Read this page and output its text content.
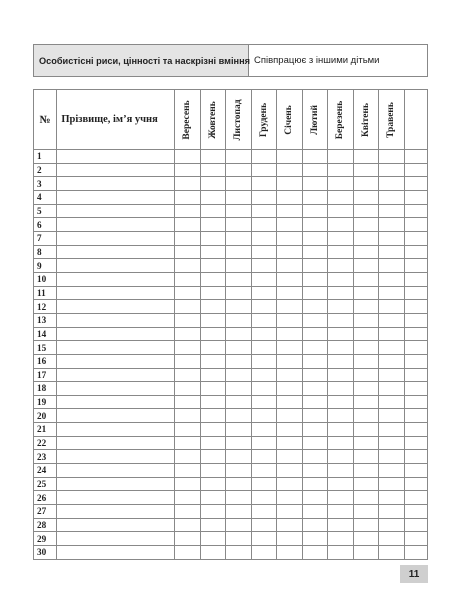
Особистісні риси, цінності та наскрізні вміння Співпрацює з іншими дітьми
№	Прізвище, ім’я учня	Вересень	Жовтень	Листопад	Грудень	Січень	Лютий	Березень	Квітень	Травень	

1											
2											
3											
4											
5											
6											
7											
8											
9											
10											
11											
12											
13											
14											
15											
16											
17											
18											
19											
20											
21											
22											
23											
24											
25											
26											
27											
28											
29											
30											
11
